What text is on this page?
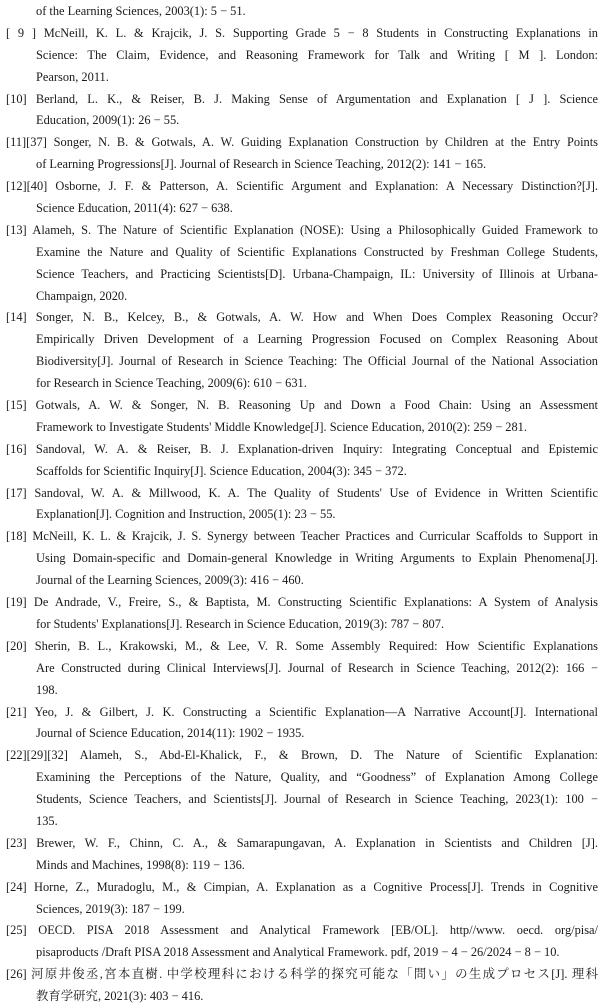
of the Learning Sciences, 2003(1): 5 − 51.
[ 9 ] McNeill, K. L. & Krajcik, J. S. Supporting Grade 5 − 8 Students in Constructing Explanations in
Science: The Claim, Evidence, and Reasoning Framework for Talk and Writing [ M ]. London:
Pearson, 2011.
[10] Berland, L. K., & Reiser, B. J. Making Sense of Argumentation and Explanation [ J ]. Science
Education, 2009(1): 26 − 55.
[11][37] Songer, N. B. & Gotwals, A. W. Guiding Explanation Construction by Children at the Entry Points
of Learning Progressions[J]. Journal of Research in Science Teaching, 2012(2): 141 − 165.
[12][40] Osborne, J. F. & Patterson, A. Scientific Argument and Explanation: A Necessary Distinction?[J].
Science Education, 2011(4): 627 − 638.
[13] Alameh, S. The Nature of Scientific Explanation (NOSE): Using a Philosophically Guided Framework to
Examine the Nature and Quality of Scientific Explanations Constructed by Freshman College Students,
Science Teachers, and Practicing Scientists[D]. Urbana-Champaign, IL: University of Illinois at Urbana-
Champaign, 2020.
[14] Songer, N. B., Kelcey, B., & Gotwals, A. W. How and When Does Complex Reasoning Occur?
Empirically Driven Development of a Learning Progression Focused on Complex Reasoning About
Biodiversity[J]. Journal of Research in Science Teaching: The Official Journal of the National Association
for Research in Science Teaching, 2009(6): 610 − 631.
[15] Gotwals, A. W. & Songer, N. B. Reasoning Up and Down a Food Chain: Using an Assessment
Framework to Investigate Students' Middle Knowledge[J]. Science Education, 2010(2): 259 − 281.
[16] Sandoval, W. A. & Reiser, B. J. Explanation-driven Inquiry: Integrating Conceptual and Epistemic
Scaffolds for Scientific Inquiry[J]. Science Education, 2004(3): 345 − 372.
[17] Sandoval, W. A. & Millwood, K. A. The Quality of Students' Use of Evidence in Written Scientific
Explanation[J]. Cognition and Instruction, 2005(1): 23 − 55.
[18] McNeill, K. L. & Krajcik, J. S. Synergy between Teacher Practices and Curricular Scaffolds to Support in
Using Domain-specific and Domain-general Knowledge in Writing Arguments to Explain Phenomena[J].
Journal of the Learning Sciences, 2009(3): 416 − 460.
[19] De Andrade, V., Freire, S., & Baptista, M. Constructing Scientific Explanations: A System of Analysis
for Students' Explanations[J]. Research in Science Education, 2019(3): 787 − 807.
[20] Sherin, B. L., Krakowski, M., & Lee, V. R. Some Assembly Required: How Scientific Explanations
Are Constructed during Clinical Interviews[J]. Journal of Research in Science Teaching, 2012(2): 166 −
198.
[21] Yeo, J. & Gilbert, J. K. Constructing a Scientific Explanation—A Narrative Account[J]. International
Journal of Science Education, 2014(11): 1902 − 1935.
[22][29][32] Alameh, S., Abd-El-Khalick, F., & Brown, D. The Nature of Scientific Explanation:
Examining the Perceptions of the Nature, Quality, and “Goodness” of Explanation Among College
Students, Science Teachers, and Scientists[J]. Journal of Research in Science Teaching, 2023(1): 100 −
135.
[23] Brewer, W. F., Chinn, C. A., & Samarapungavan, A. Explanation in Scientists and Children [J].
Minds and Machines, 1998(8): 119 − 136.
[24] Horne, Z., Muradoglu, M., & Cimpian, A. Explanation as a Cognitive Process[J]. Trends in Cognitive
Sciences, 2019(3): 187 − 199.
[25] OECD. PISA 2018 Assessment and Analytical Framework [EB/OL]. http//www. oecd. org/pisa/
pisaproducts /Draft PISA 2018 Assessment and Analytical Framework. pdf, 2019 − 4 − 26/2024 − 8 − 10.
[26] 河原井俊丞,宮本直樹. 中学校理科における科学的探究可能な「問い」の生成プロセス[J]. 理科
教育学研究, 2021(3): 403 − 416.
